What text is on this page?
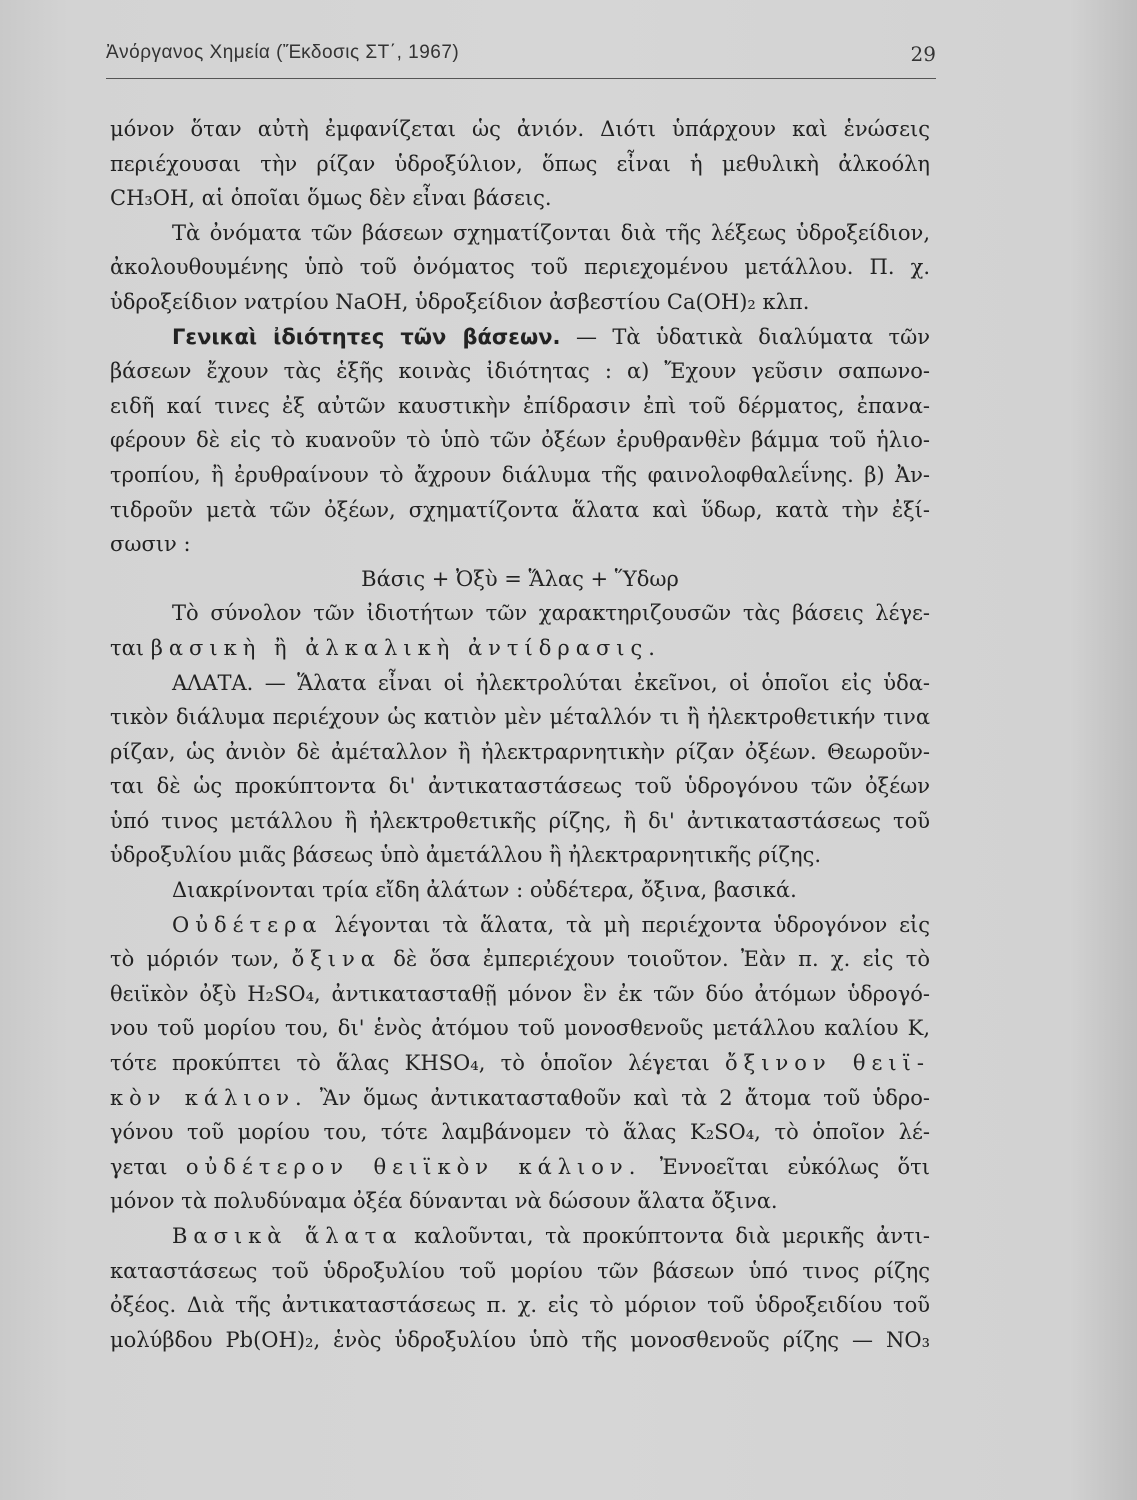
Ἀνόργανος Χημεία (Ἔκδοσις ΣΤ΄, 1967)	29
μόνον ὅταν αὐτὴ ἐμφανίζεται ὡς ἀνιόν. Διότι ὑπάρχουν καὶ ἑνώσεις
περιέχουσαι τὴν ρίζαν ὑδροξύλιον, ὅπως εἶναι ἡ μεθυλικὴ ἀλκοόλη
CH₃OH, αἱ ὁποῖαι ὅμως δὲν εἶναι βάσεις.
Τὰ ὀνόματα τῶν βάσεων σχηματίζονται διὰ τῆς λέξεως ὑδροξείδιον,
ἀκολουθουμένης ὑπὸ τοῦ ὀνόματος τοῦ περιεχομένου μετάλλου. Π. χ.
ὑδροξείδιον νατρίου NaOH, ὑδροξείδιον ἀσβεστίου Ca(OH)₂ κλπ.
Γενικαὶ ἰδιότητες τῶν βάσεων. — Τὰ ὑδατικὰ διαλύματα τῶν
βάσεων ἔχουν τὰς ἑξῆς κοινὰς ἰδιότητας : α) Ἔχουν γεῦσιν σαπωνο-
ειδῆ καί τινες ἐξ αὐτῶν καυστικὴν ἐπίδρασιν ἐπὶ τοῦ δέρματος, ἐπανα-
φέρουν δὲ εἰς τὸ κυανοῦν τὸ ὑπὸ τῶν ὀξέων ἐρυθρανθὲν βάμμα τοῦ ἡλιο-
τροπίου, ἢ ἐρυθραίνουν τὸ ἄχρουν διάλυμα τῆς φαινολοφθαλεΐνης. β) Ἀν-
τιδροῦν μετὰ τῶν ὀξέων, σχηματίζοντα ἅλατα καὶ ὕδωρ, κατὰ τὴν ἐξί-
σωσιν :
Βάσις + Ὀξὺ = Ἅλας + Ὕδωρ
Τὸ σύνολον τῶν ἰδιοτήτων τῶν χαρακτηριζουσῶν τὰς βάσεις λέγε-
ται βασικὴ ἢ ἀλκαλικὴ ἀντίδρασις.
ΑΛΑΤΑ. — Ἅλατα εἶναι οἱ ἠλεκτρολύται ἐκεῖνοι, οἱ ὁποῖοι εἰς ὑδα-
τικὸν διάλυμα περιέχουν ὡς κατιὸν μὲν μέταλλόν τι ἢ ἠλεκτροθετικήν τινα
ρίζαν, ὡς ἀνιὸν δὲ ἀμέταλλον ἢ ἠλεκτραρνητικὴν ρίζαν ὀξέων. Θεωροῦν-
ται δὲ ὡς προκύπτοντα δι' ἀντικαταστάσεως τοῦ ὑδρογόνου τῶν ὀξέων
ὑπό τινος μετάλλου ἢ ἠλεκτροθετικῆς ρίζης, ἢ δι' ἀντικαταστάσεως τοῦ
ὑδροξυλίου μιᾶς βάσεως ὑπὸ ἀμετάλλου ἢ ἠλεκτραρνητικῆς ρίζης.
Διακρίνονται τρία εἴδη ἀλάτων : οὐδέτερα, ὄξινα, βασικά.
Οὐδέτερα λέγονται τὰ ἅλατα, τὰ μὴ περιέχοντα ὑδρογόνον εἰς
τὸ μόριόν των, ὄξινα δὲ ὅσα ἐμπεριέχουν τοιοῦτον. Ἐὰν π. χ. εἰς τὸ
θειϊκὸν ὀξὺ H₂SO₄, ἀντικατασταθῇ μόνον ἓν ἐκ τῶν δύο ἀτόμων ὑδρογό-
νου τοῦ μορίου του, δι' ἑνὸς ἀτόμου τοῦ μονοσθενοῦς μετάλλου καλίου K,
τότε προκύπτει τὸ ἅλας KHSO₄, τὸ ὁποῖον λέγεται ὄξινον θειϊ-
κὸν κάλιον. Ἂν ὅμως ἀντικατασταθοῦν καὶ τὰ 2 ἄτομα τοῦ ὑδρο-
γόνου τοῦ μορίου του, τότε λαμβάνομεν τὸ ἅλας K₂SO₄, τὸ ὁποῖον λέ-
γεται οὐδέτερον θειϊκὸν κάλιον. Ἐννοεῖται εὐκόλως ὅτι
μόνον τὰ πολυδύναμα ὀξέα δύνανται νὰ δώσουν ἅλατα ὄξινα.
Βασικὰ ἅλατα καλοῦνται, τὰ προκύπτοντα διὰ μερικῆς ἀντι-
καταστάσεως τοῦ ὑδροξυλίου τοῦ μορίου τῶν βάσεων ὑπό τινος ρίζης
ὀξέος. Διὰ τῆς ἀντικαταστάσεως π. χ. εἰς τὸ μόριον τοῦ ὑδροξειδίου τοῦ
μολύβδου Pb(OH)₂, ἑνὸς ὑδροξυλίου ὑπὸ τῆς μονοσθενοῦς ρίζης — NO₃
